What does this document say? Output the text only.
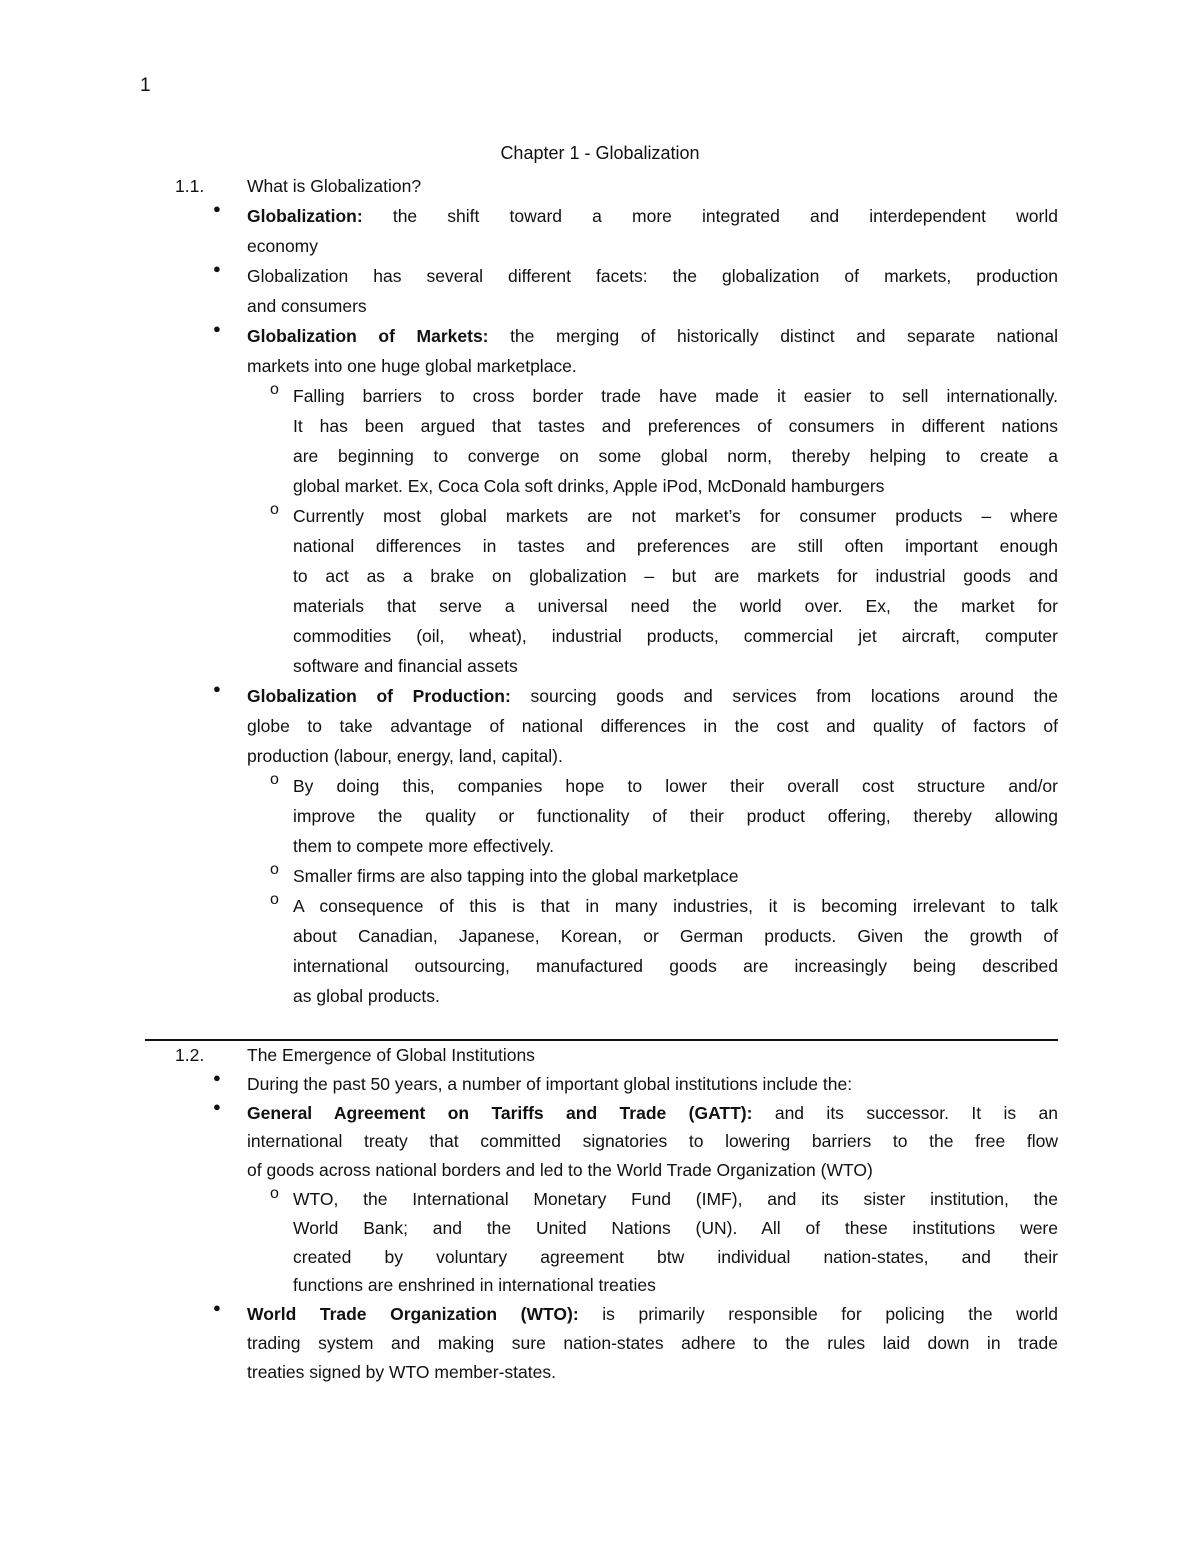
1
Chapter 1 - Globalization
1.1. What is Globalization?
● Globalization: the shift toward a more integrated and interdependent world
economy
● Globalization has several different facets: the globalization of markets, production
and consumers
● Globalization of Markets: the merging of historically distinct and separate national
markets into one huge global marketplace.
o Falling barriers to cross border trade have made it easier to sell internationally.
It has been argued that tastes and preferences of consumers in different nations
are beginning to converge on some global norm, thereby helping to create a
global market. Ex, Coca Cola soft drinks, Apple iPod, McDonald hamburgers
o Currently most global markets are not market’s for consumer products – where
national differences in tastes and preferences are still often important enough
to act as a brake on globalization – but are markets for industrial goods and
materials that serve a universal need the world over. Ex, the market for
commodities (oil, wheat), industrial products, commercial jet aircraft, computer
software and financial assets
● Globalization of Production: sourcing goods and services from locations around the
globe to take advantage of national differences in the cost and quality of factors of
production (labour, energy, land, capital).
o By doing this, companies hope to lower their overall cost structure and/or
improve the quality or functionality of their product offering, thereby allowing
them to compete more effectively.
o Smaller firms are also tapping into the global marketplace
o A consequence of this is that in many industries, it is becoming irrelevant to talk
about Canadian, Japanese, Korean, or German products. Given the growth of
international outsourcing, manufactured goods are increasingly being described
as global products.
1.2. The Emergence of Global Institutions
● During the past 50 years, a number of important global institutions include the:
● General Agreement on Tariffs and Trade (GATT): and its successor. It is an
international treaty that committed signatories to lowering barriers to the free flow
of goods across national borders and led to the World Trade Organization (WTO)
o WTO, the International Monetary Fund (IMF), and its sister institution, the
World Bank; and the United Nations (UN). All of these institutions were
created by voluntary agreement btw individual nation-states, and their
functions are enshrined in international treaties
● World Trade Organization (WTO): is primarily responsible for policing the world
trading system and making sure nation-states adhere to the rules laid down in trade
treaties signed by WTO member-states.
